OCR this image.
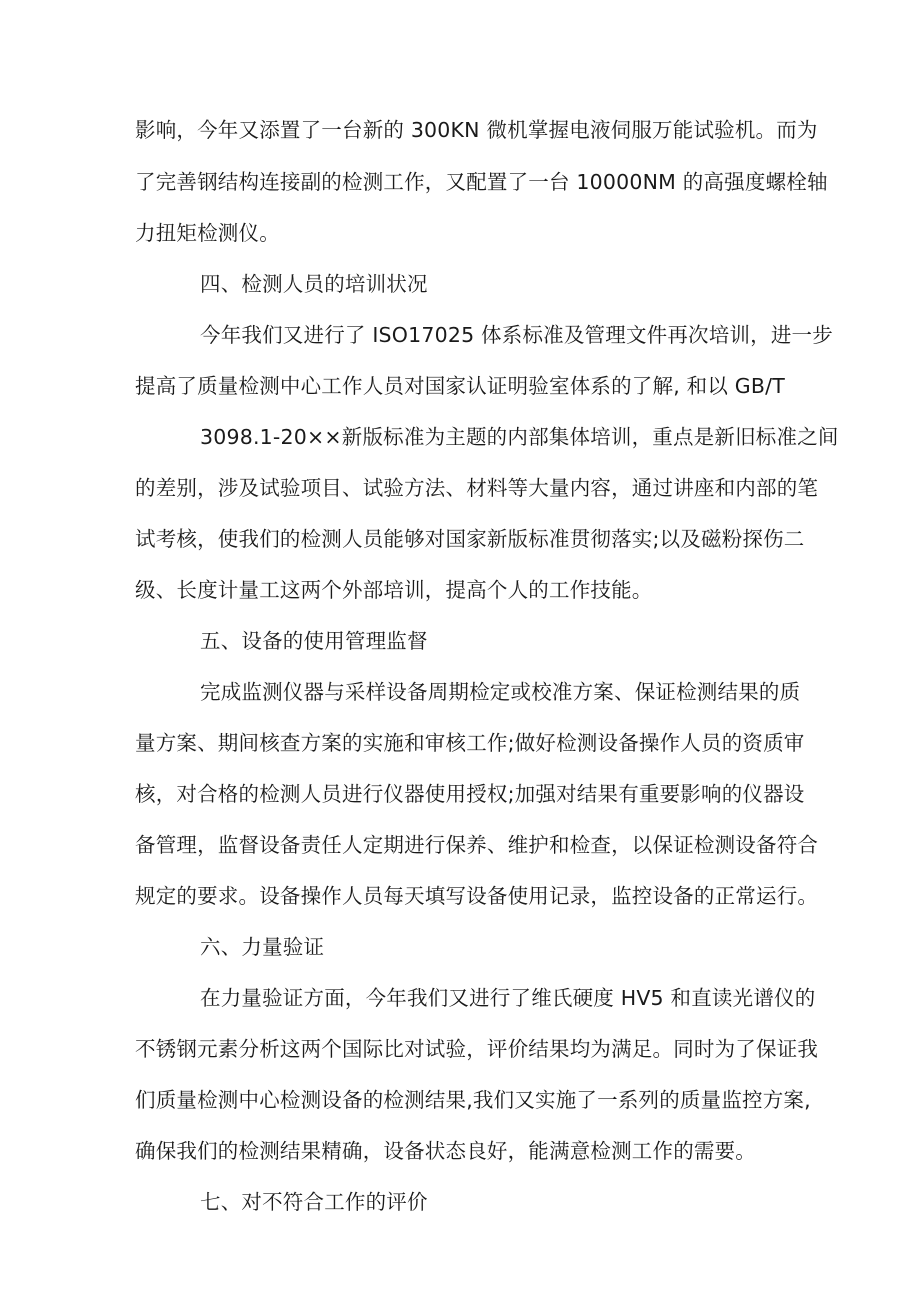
影响，今年又添置了一台新的 300KN 微机掌握电液伺服万能试验机。而为
了完善钢结构连接副的检测工作，又配置了一台 10000NM 的高强度螺栓轴
力扭矩检测仪。
四、检测人员的培训状况
今年我们又进行了 ISO17025 体系标准及管理文件再次培训，进一步
提高了质量检测中心工作人员对国家认证明验室体系的了解, 和以 GB/T
3098.1-20××新版标准为主题的内部集体培训，重点是新旧标准之间
的差别，涉及试验项目、试验方法、材料等大量内容，通过讲座和内部的笔
试考核，使我们的检测人员能够对国家新版标准贯彻落实;以及磁粉探伤二
级、长度计量工这两个外部培训，提高个人的工作技能。
五、设备的使用管理监督
完成监测仪器与采样设备周期检定或校准方案、保证检测结果的质
量方案、期间核查方案的实施和审核工作;做好检测设备操作人员的资质审
核，对合格的检测人员进行仪器使用授权;加强对结果有重要影响的仪器设
备管理，监督设备责任人定期进行保养、维护和检查，以保证检测设备符合
规定的要求。设备操作人员每天填写设备使用记录，监控设备的正常运行。
六、力量验证
在力量验证方面，今年我们又进行了维氏硬度 HV5 和直读光谱仪的
不锈钢元素分析这两个国际比对试验，评价结果均为满足。同时为了保证我
们质量检测中心检测设备的检测结果,我们又实施了一系列的质量监控方案,
确保我们的检测结果精确，设备状态良好，能满意检测工作的需要。
七、对不符合工作的评价
